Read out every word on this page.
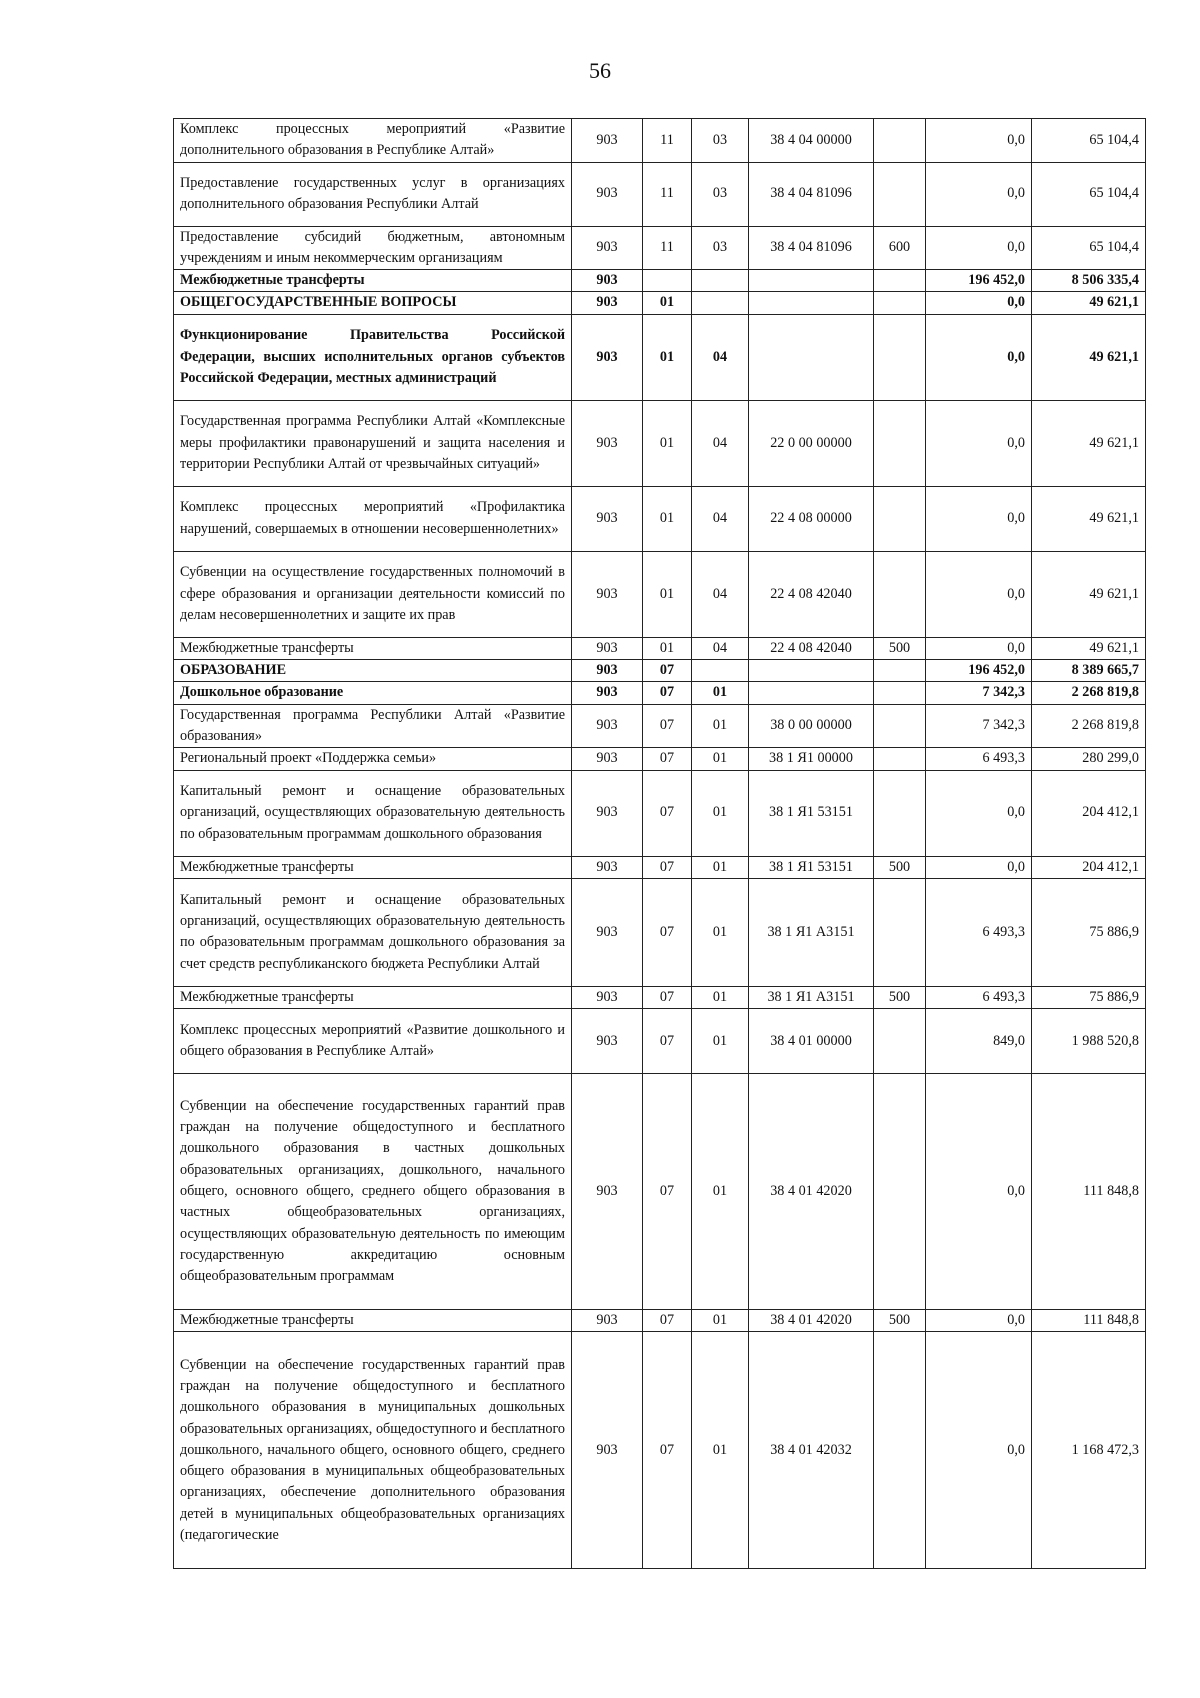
56
Комплекс процессных мероприятий «Развитие дополнительного образования в Республике Алтай»	903	11	03	38 4 04 00000		0,0	65 104,4
Предоставление государственных услуг в организациях дополнительного образования Республики Алтай	903	11	03	38 4 04 81096		0,0	65 104,4
Предоставление субсидий бюджетным, автономным учреждениям и иным некоммерческим организациям	903	11	03	38 4 04 81096	600	0,0	65 104,4
Межбюджетные трансферты	903					196 452,0	8 506 335,4
ОБЩЕГОСУДАРСТВЕННЫЕ ВОПРОСЫ	903	01				0,0	49 621,1
Функционирование Правительства Российской Федерации, высших исполнительных органов субъектов Российской Федерации, местных администраций	903	01	04			0,0	49 621,1
Государственная программа Республики Алтай «Комплексные меры профилактики правонарушений и защита населения и территории Республики Алтай от чрезвычайных ситуаций»	903	01	04	22 0 00 00000		0,0	49 621,1
Комплекс процессных мероприятий «Профилактика нарушений, совершаемых в отношении несовершеннолетних»	903	01	04	22 4 08 00000		0,0	49 621,1
Субвенции на осуществление государственных полномочий в сфере образования и организации деятельности комиссий по делам несовершеннолетних и защите их прав	903	01	04	22 4 08 42040		0,0	49 621,1
Межбюджетные трансферты	903	01	04	22 4 08 42040	500	0,0	49 621,1
ОБРАЗОВАНИЕ	903	07				196 452,0	8 389 665,7
Дошкольное образование	903	07	01			7 342,3	2 268 819,8
Государственная программа Республики Алтай «Развитие образования»	903	07	01	38 0 00 00000		7 342,3	2 268 819,8
Региональный проект «Поддержка семьи»	903	07	01	38 1 Я1 00000		6 493,3	280 299,0
Капитальный ремонт и оснащение образовательных организаций, осуществляющих образовательную деятельность по образовательным программам дошкольного образования	903	07	01	38 1 Я1 53151		0,0	204 412,1
Межбюджетные трансферты	903	07	01	38 1 Я1 53151	500	0,0	204 412,1
Капитальный ремонт и оснащение образовательных организаций, осуществляющих образовательную деятельность по образовательным программам дошкольного образования за счет средств республиканского бюджета Республики Алтай	903	07	01	38 1 Я1 А3151		6 493,3	75 886,9
Межбюджетные трансферты	903	07	01	38 1 Я1 А3151	500	6 493,3	75 886,9
Комплекс процессных мероприятий «Развитие дошкольного и общего образования в Республике Алтай»	903	07	01	38 4 01 00000		849,0	1 988 520,8
Субвенции на обеспечение государственных гарантий прав граждан на получение общедоступного и бесплатного дошкольного образования в частных дошкольных образовательных организациях, дошкольного, начального общего, основного общего, среднего общего образования в частных общеобразовательных организациях, осуществляющих образовательную деятельность по имеющим государственную аккредитацию основным общеобразовательным программам	903	07	01	38 4 01 42020		0,0	111 848,8
Межбюджетные трансферты	903	07	01	38 4 01 42020	500	0,0	111 848,8
Субвенции на обеспечение государственных гарантий прав граждан на получение общедоступного и бесплатного дошкольного образования в муниципальных дошкольных образовательных организациях, общедоступного и бесплатного дошкольного, начального общего, основного общего, среднего общего образования в муниципальных общеобразовательных организациях, обеспечение дополнительного образования детей в муниципальных общеобразовательных организациях (педагогические	903	07	01	38 4 01 42032		0,0	1 168 472,3
